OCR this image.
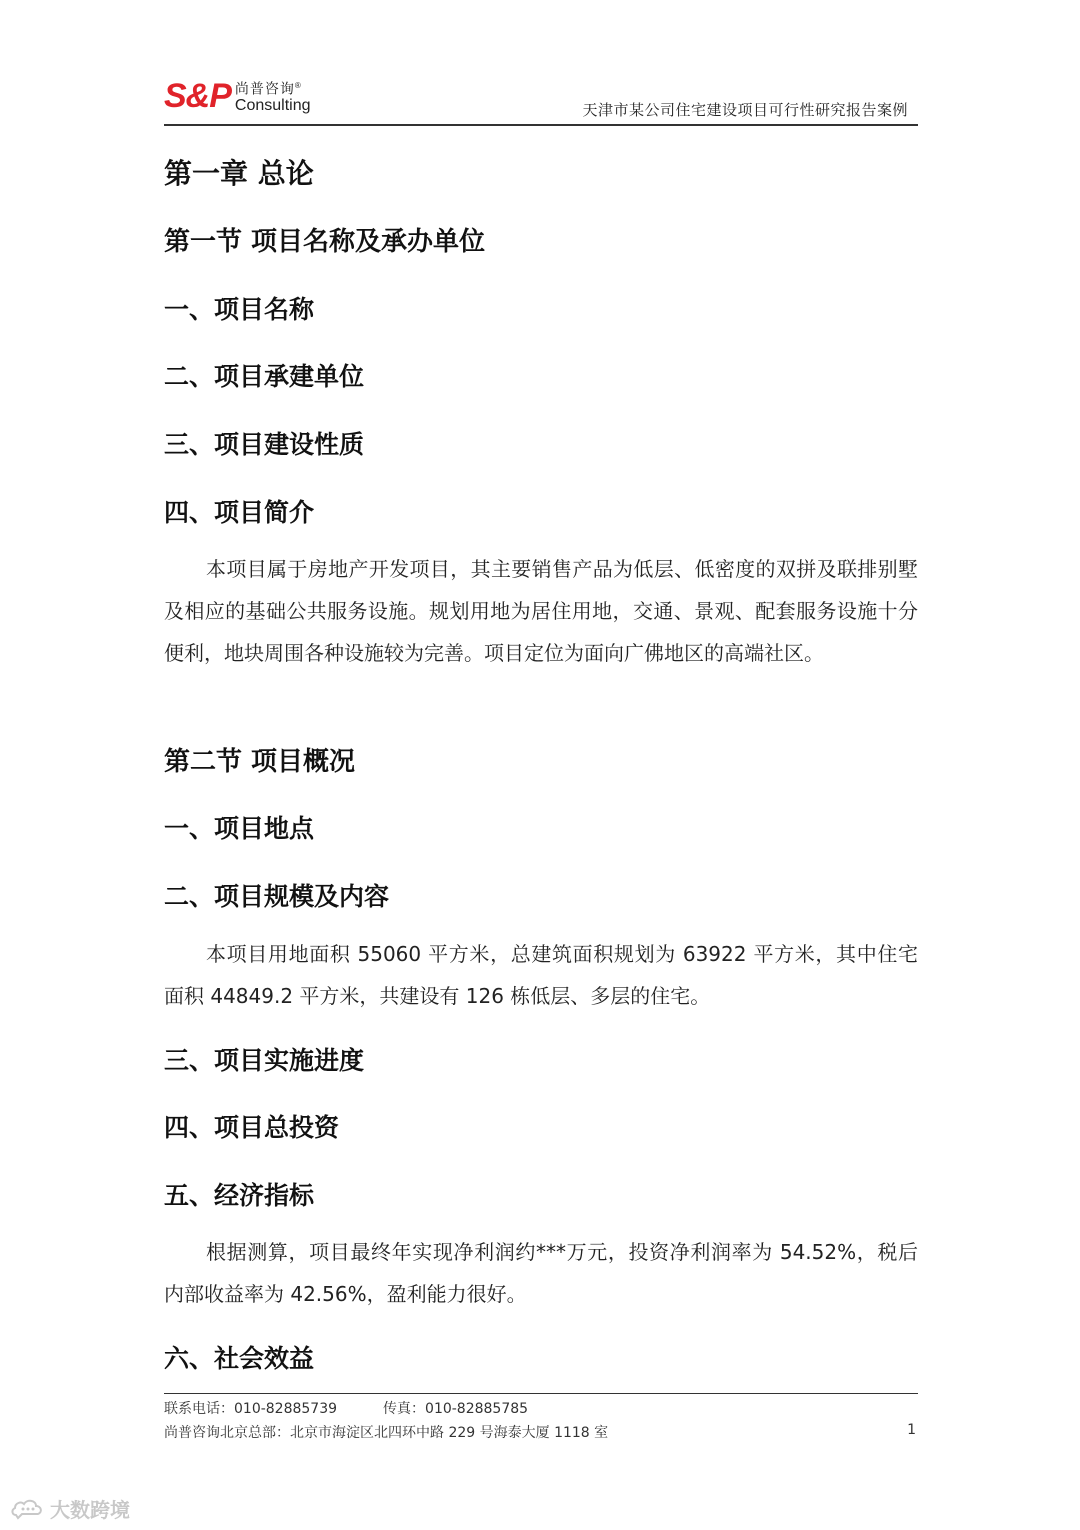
S&P 尚普咨询®
Consulting	天津市某公司住宅建设项目可行性研究报告案例
第一章 总论
第一节 项目名称及承办单位
一、项目名称
二、项目承建单位
三、项目建设性质
四、项目简介

本项目属于房地产开发项目，其主要销售产品为低层、低密度的双拼及联排别墅及相应的基础公共服务设施。规划用地为居住用地，交通、景观、配套服务设施十分便利，地块周围各种设施较为完善。项目定位为面向广佛地区的高端社区。

第二节 项目概况
一、项目地点
二、项目规模及内容

本项目用地面积 55060 平方米，总建筑面积规划为 63922 平方米，其中住宅面积 44849.2 平方米，共建设有 126 栋低层、多层的住宅。

三、项目实施进度
四、项目总投资
五、经济指标

根据测算，项目最终年实现净利润约***万元，投资净利润率为 54.52%，税后内部收益率为 42.56%，盈利能力很好。

六、社会效益
联系电话：010-82885739	传真：010-82885785
尚普咨询北京总部：北京市海淀区北四环中路 229 号海泰大厦 1118 室	1
大数跨境
